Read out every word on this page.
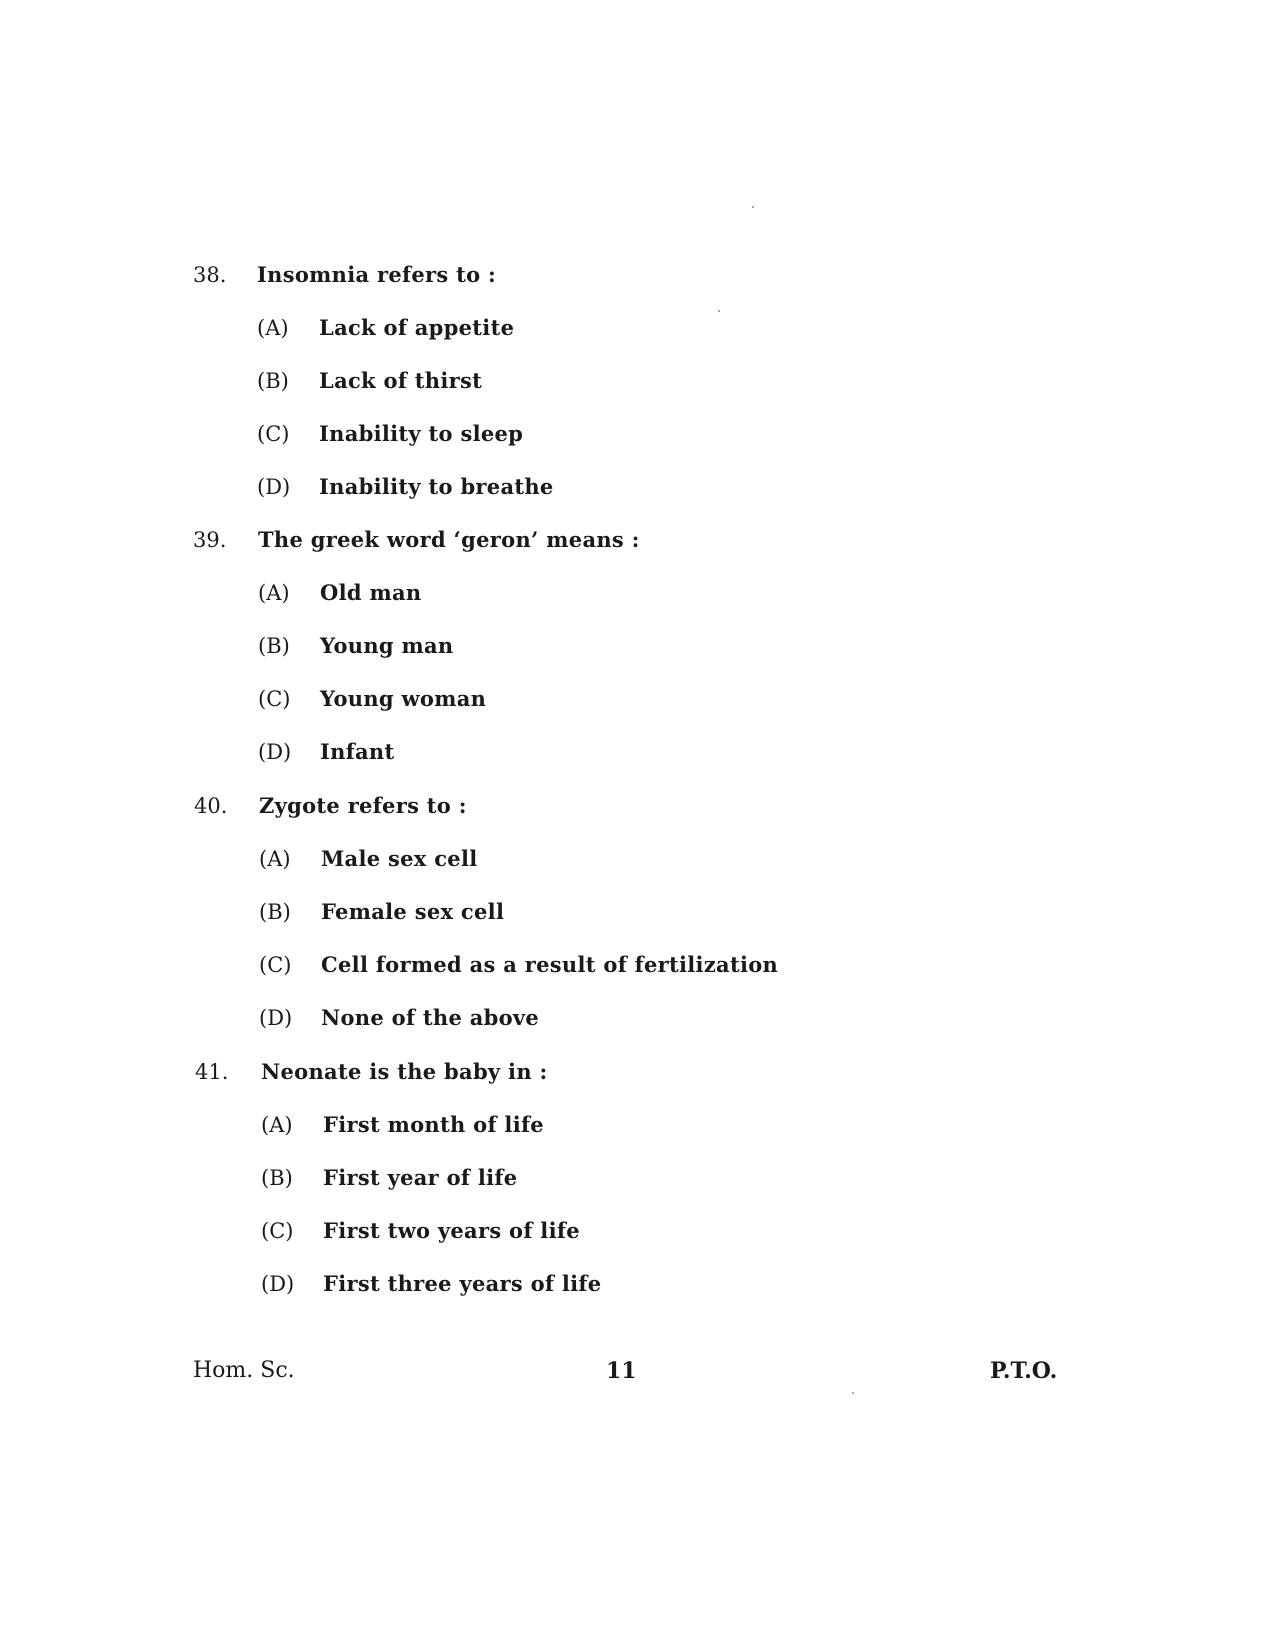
38. Insomnia refers to :
(A) Lack of appetite
(B) Lack of thirst
(C) Inability to sleep
(D) Inability to breathe
39. The greek word ‘geron’ means :
(A) Old man
(B) Young man
(C) Young woman
(D) Infant
40. Zygote refers to :
(A) Male sex cell
(B) Female sex cell
(C) Cell formed as a result of fertilization
(D) None of the above
41. Neonate is the baby in :
(A) First month of life
(B) First year of life
(C) First two years of life
(D) First three years of life
Hom. Sc.	11	P.T.O.
